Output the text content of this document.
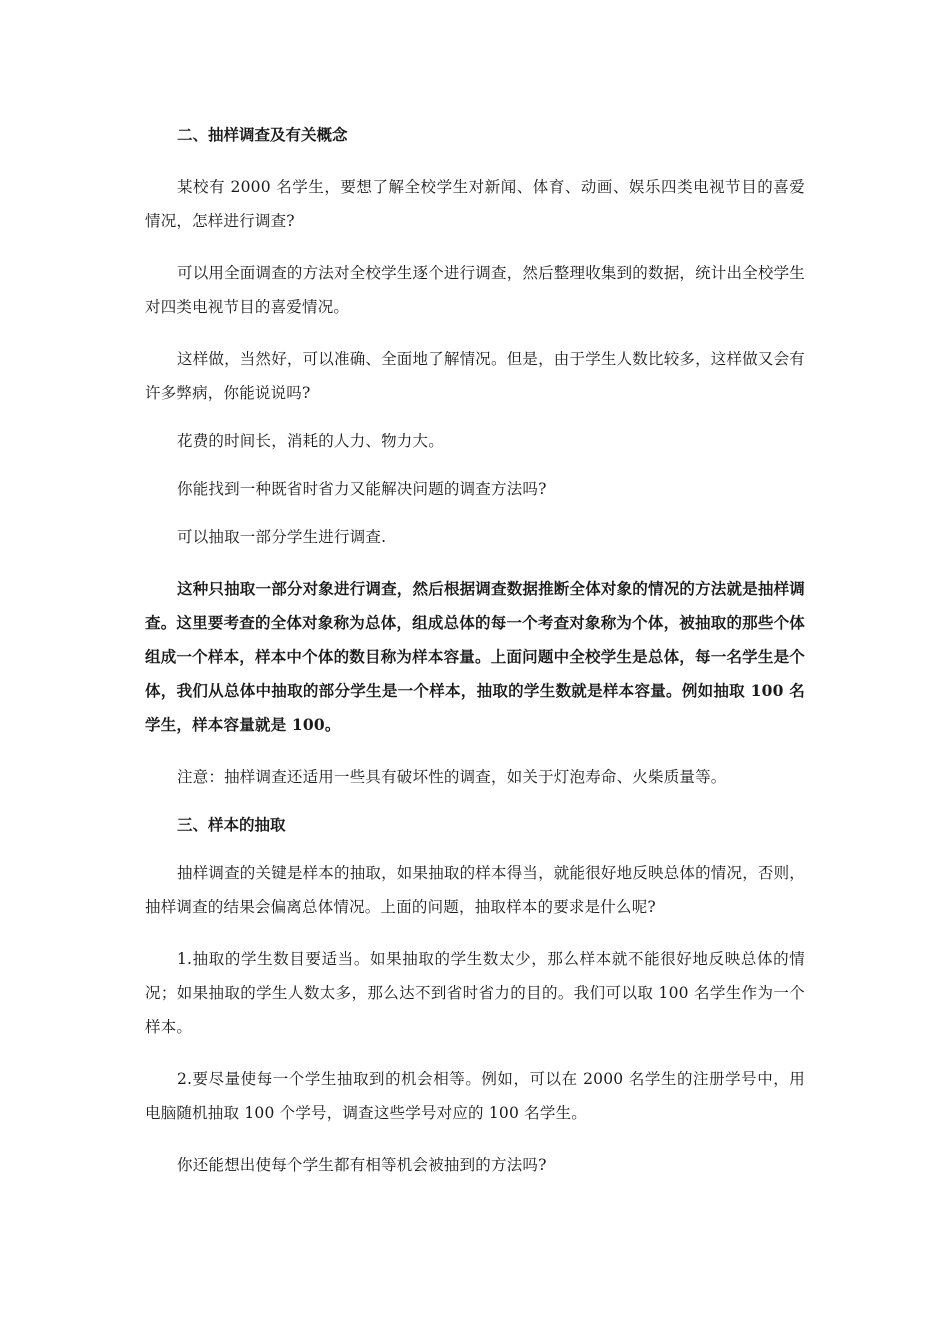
二、抽样调查及有关概念

某校有 2000 名学生，要想了解全校学生对新闻、体育、动画、娱乐四类电视节目的喜爱情况，怎样进行调查?

可以用全面调查的方法对全校学生逐个进行调查，然后整理收集到的数据，统计出全校学生对四类电视节目的喜爱情况。

这样做，当然好，可以准确、全面地了解情况。但是，由于学生人数比较多，这样做又会有许多弊病，你能说说吗?

花费的时间长，消耗的人力、物力大。

你能找到一种既省时省力又能解决问题的调查方法吗?

可以抽取一部分学生进行调查.

这种只抽取一部分对象进行调查，然后根据调查数据推断全体对象的情况的方法就是抽样调查。这里要考查的全体对象称为总体，组成总体的每一个考查对象称为个体，被抽取的那些个体组成一个样本，样本中个体的数目称为样本容量。上面问题中全校学生是总体，每一名学生是个体，我们从总体中抽取的部分学生是一个样本，抽取的学生数就是样本容量。例如抽取 100 名学生，样本容量就是 100。

注意：抽样调查还适用一些具有破坏性的调查，如关于灯泡寿命、火柴质量等。

三、样本的抽取

抽样调查的关键是样本的抽取，如果抽取的样本得当，就能很好地反映总体的情况，否则，抽样调查的结果会偏离总体情况。上面的问题，抽取样本的要求是什么呢?

1.抽取的学生数目要适当。如果抽取的学生数太少，那么样本就不能很好地反映总体的情况；如果抽取的学生人数太多，那么达不到省时省力的目的。我们可以取 100 名学生作为一个样本。

2.要尽量使每一个学生抽取到的机会相等。例如，可以在 2000 名学生的注册学号中，用电脑随机抽取 100 个学号，调查这些学号对应的 100 名学生。

你还能想出使每个学生都有相等机会被抽到的方法吗?
